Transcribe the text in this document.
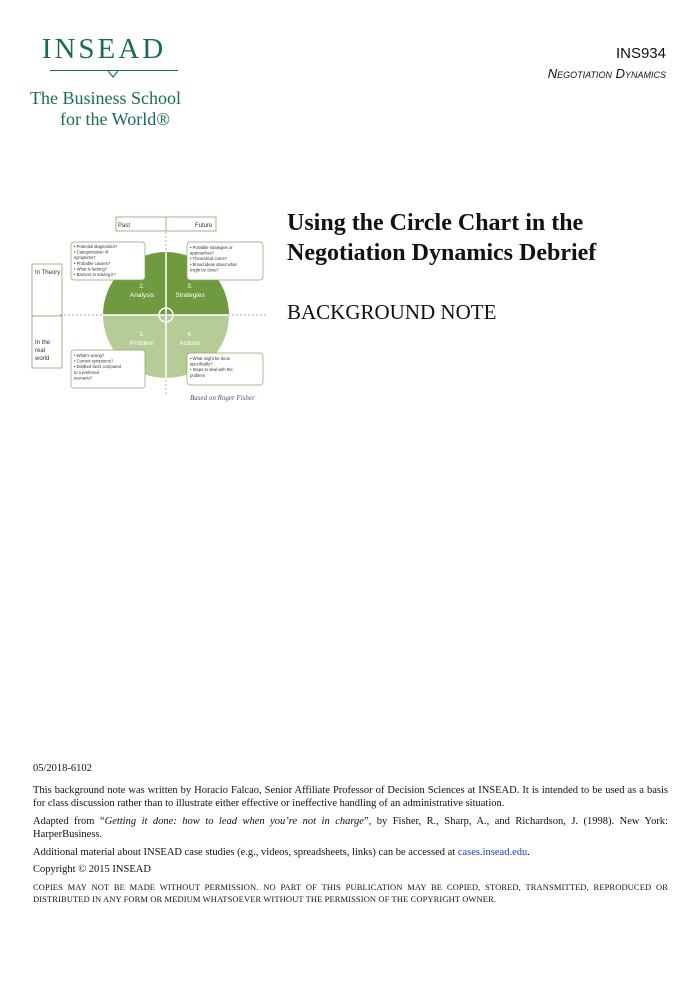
INSEAD
The Business School
for the World®
INS934
Negotiation Dynamics
Past	Future
In Theory
In the
real
world
2.
Analysis
3.
Strategies
1.
Problem
4.
Actions
• Potential diagnostics?
• Categorization of
symptoms?
• Probable causes?
• What is lacking?
• Barriers to solving it?
• Possible strategies or
approaches?
• Theoretical cures?
• Broad ideas about what
might be done?
• What's wrong?
• Current symptoms?
• Disliked facts compared
to a preferred
scenario?
• What might be done
specifically?
• Steps to deal with the
problem
Based on Roger Fisher
Using the Circle Chart in the
Negotiation Dynamics Debrief
BACKGROUND NOTE

05/2018-6102

This background note was written by Horacio Falcao, Senior Affiliate Professor of Decision Sciences at INSEAD. It is intended to be used as a basis for class discussion rather than to illustrate either effective or ineffective handling of an administrative situation.

Adapted from “Getting it done: how to lead when you’re not in charge”, by Fisher, R., Sharp, A., and Richardson, J. (1998). New York: HarperBusiness.

Additional material about INSEAD case studies (e.g., videos, spreadsheets, links) can be accessed at cases.insead.edu.

Copyright © 2015 INSEAD

COPIES MAY NOT BE MADE WITHOUT PERMISSION. NO PART OF THIS PUBLICATION MAY BE COPIED, STORED, TRANSMITTED, REPRODUCED OR DISTRIBUTED IN ANY FORM OR MEDIUM WHATSOEVER WITHOUT THE PERMISSION OF THE COPYRIGHT OWNER.
